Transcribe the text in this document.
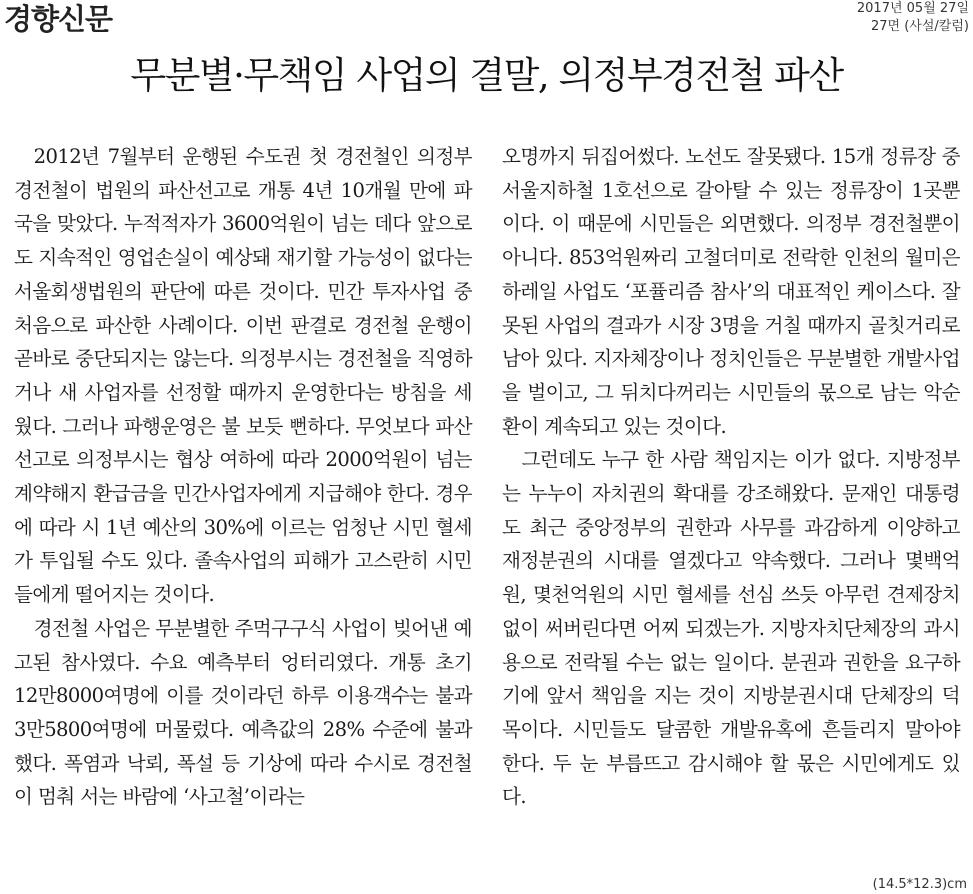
경향신문	2017년 05월 27일
27면 (사설/칼럼)
무분별·무책임 사업의 결말, 의정부경전철 파산

2012년 7월부터 운행된 수도권 첫 경전철인 의정부경전철이 법원의 파산선고로 개통 4년 10개월 만에 파국을 맞았다. 누적적자가 3600억원이 넘는 데다 앞으로도 지속적인 영업손실이 예상돼 재기할 가능성이 없다는 서울회생법원의 판단에 따른 것이다. 민간 투자사업 중 처음으로 파산한 사례이다. 이번 판결로 경전철 운행이 곧바로 중단되지는 않는다. 의정부시는 경전철을 직영하거나 새 사업자를 선정할 때까지 운영한다는 방침을 세웠다. 그러나 파행운영은 불 보듯 뻔하다. 무엇보다 파산선고로 의정부시는 협상 여하에 따라 2000억원이 넘는 계약해지 환급금을 민간사업자에게 지급해야 한다. 경우에 따라 시 1년 예산의 30%에 이르는 엄청난 시민 혈세가 투입될 수도 있다. 졸속사업의 피해가 고스란히 시민들에게 떨어지는 것이다.

경전철 사업은 무분별한 주먹구구식 사업이 빚어낸 예고된 참사였다. 수요 예측부터 엉터리였다. 개통 초기 12만8000여명에 이를 것이라던 하루 이용객수는 불과 3만5800여명에 머물렀다. 예측값의 28% 수준에 불과했다. 폭염과 낙뢰, 폭설 등 기상에 따라 수시로 경전철이 멈춰 서는 바람에 ‘사고철’이라는

오명까지 뒤집어썼다. 노선도 잘못됐다. 15개 정류장 중 서울지하철 1호선으로 갈아탈 수 있는 정류장이 1곳뿐이다. 이 때문에 시민들은 외면했다. 의정부 경전철뿐이 아니다. 853억원짜리 고철더미로 전락한 인천의 월미은하레일 사업도 ‘포퓰리즘 참사’의 대표적인 케이스다. 잘못된 사업의 결과가 시장 3명을 거칠 때까지 골칫거리로 남아 있다. 지자체장이나 정치인들은 무분별한 개발사업을 벌이고, 그 뒤치다꺼리는 시민들의 몫으로 남는 악순환이 계속되고 있는 것이다.

그런데도 누구 한 사람 책임지는 이가 없다. 지방정부는 누누이 자치권의 확대를 강조해왔다. 문재인 대통령도 최근 중앙정부의 권한과 사무를 과감하게 이양하고 재정분권의 시대를 열겠다고 약속했다. 그러나 몇백억원, 몇천억원의 시민 혈세를 선심 쓰듯 아무런 견제장치 없이 써버린다면 어찌 되겠는가. 지방자치단체장의 과시용으로 전락될 수는 없는 일이다. 분권과 권한을 요구하기에 앞서 책임을 지는 것이 지방분권시대 단체장의 덕목이다. 시민들도 달콤한 개발유혹에 흔들리지 말아야 한다. 두 눈 부릅뜨고 감시해야 할 몫은 시민에게도 있다.

(14.5*12.3)cm
